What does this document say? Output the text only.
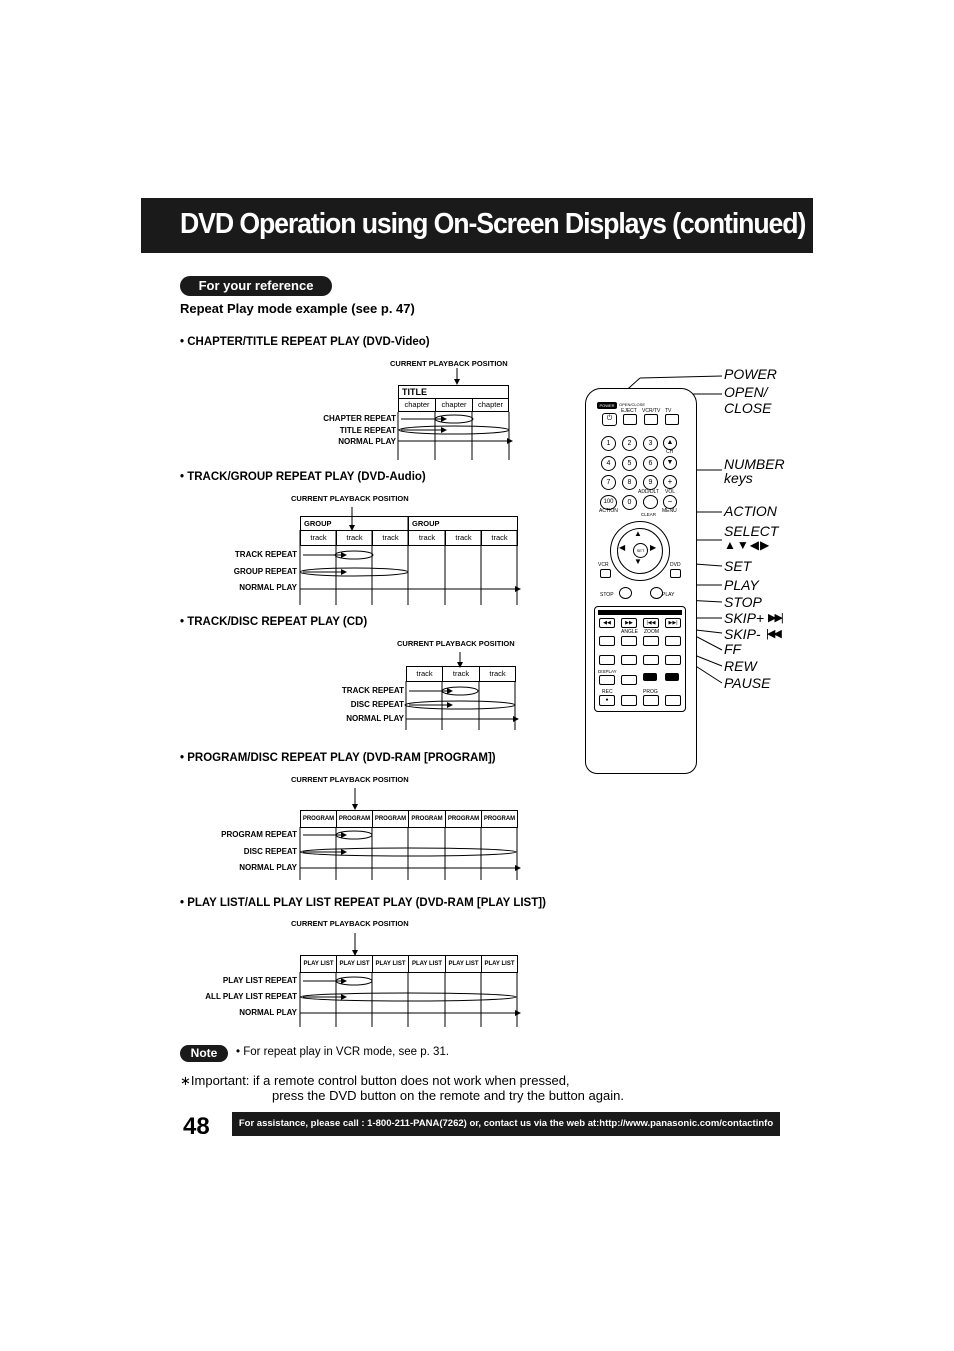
DVD Operation using On-Screen Displays (continued)
For your reference
Repeat Play mode example (see p. 47)
• CHAPTER/TITLE REPEAT PLAY (DVD-Video)
CURRENT PLAYBACK POSITION
TITLE
chapter	chapter	chapter
CHAPTER REPEAT
TITLE REPEAT
NORMAL PLAY
• TRACK/GROUP REPEAT PLAY (DVD-Audio)
CURRENT PLAYBACK POSITION
GROUP	GROUP
track	track	track	track	track	track
TRACK REPEAT
GROUP REPEAT
NORMAL PLAY
• TRACK/DISC REPEAT PLAY (CD)
CURRENT PLAYBACK POSITION
track	track	track
TRACK REPEAT
DISC REPEAT
NORMAL PLAY
• PROGRAM/DISC REPEAT PLAY (DVD-RAM [PROGRAM])
CURRENT PLAYBACK POSITION
PROGRAM PROGRAM PROGRAM PROGRAM PROGRAM PROGRAM
PROGRAM REPEAT
DISC REPEAT
NORMAL PLAY
• PLAY LIST/ALL PLAY LIST REPEAT PLAY (DVD-RAM [PLAY LIST])
CURRENT PLAYBACK POSITION
PLAY LIST PLAY LIST PLAY LIST	PLAY LIST	PLAY LIST PLAY LIST
PLAY LIST REPEAT
ALL PLAY LIST REPEAT
NORMAL PLAY
POWER	OPEN/CLOSE
EJECT VCR/TV TV
⏻
1	2	3	▲
CH
4	5	6	▼
7	8	9	+
ADD/DLT VOL
100	0	−
ACTION
CLEAR
MENU
SET
▲
▼
◀	▶
VCR	DVD
STOP	PLAY
◀◀	▶▶	|◀◀	▶▶|
ZOOM
ANGLE
DISPLAY
REC	PROG
●
POWER
OPEN/
CLOSE
NUMBER
keys
ACTION
SELECT
▲▼◀▶
SET
PLAY
STOP
SKIP+ ▶▶|
SKIP- |◀◀
FF
REW
PAUSE
Note	• For repeat play in VCR mode, see p. 31.
∗Important: if a remote control button does not work when pressed,
press the DVD button on the remote and try the button again.
48	For assistance, please call : 1-800-211-PANA(7262) or, contact us via the web at:http://www.panasonic.com/contactinfo
